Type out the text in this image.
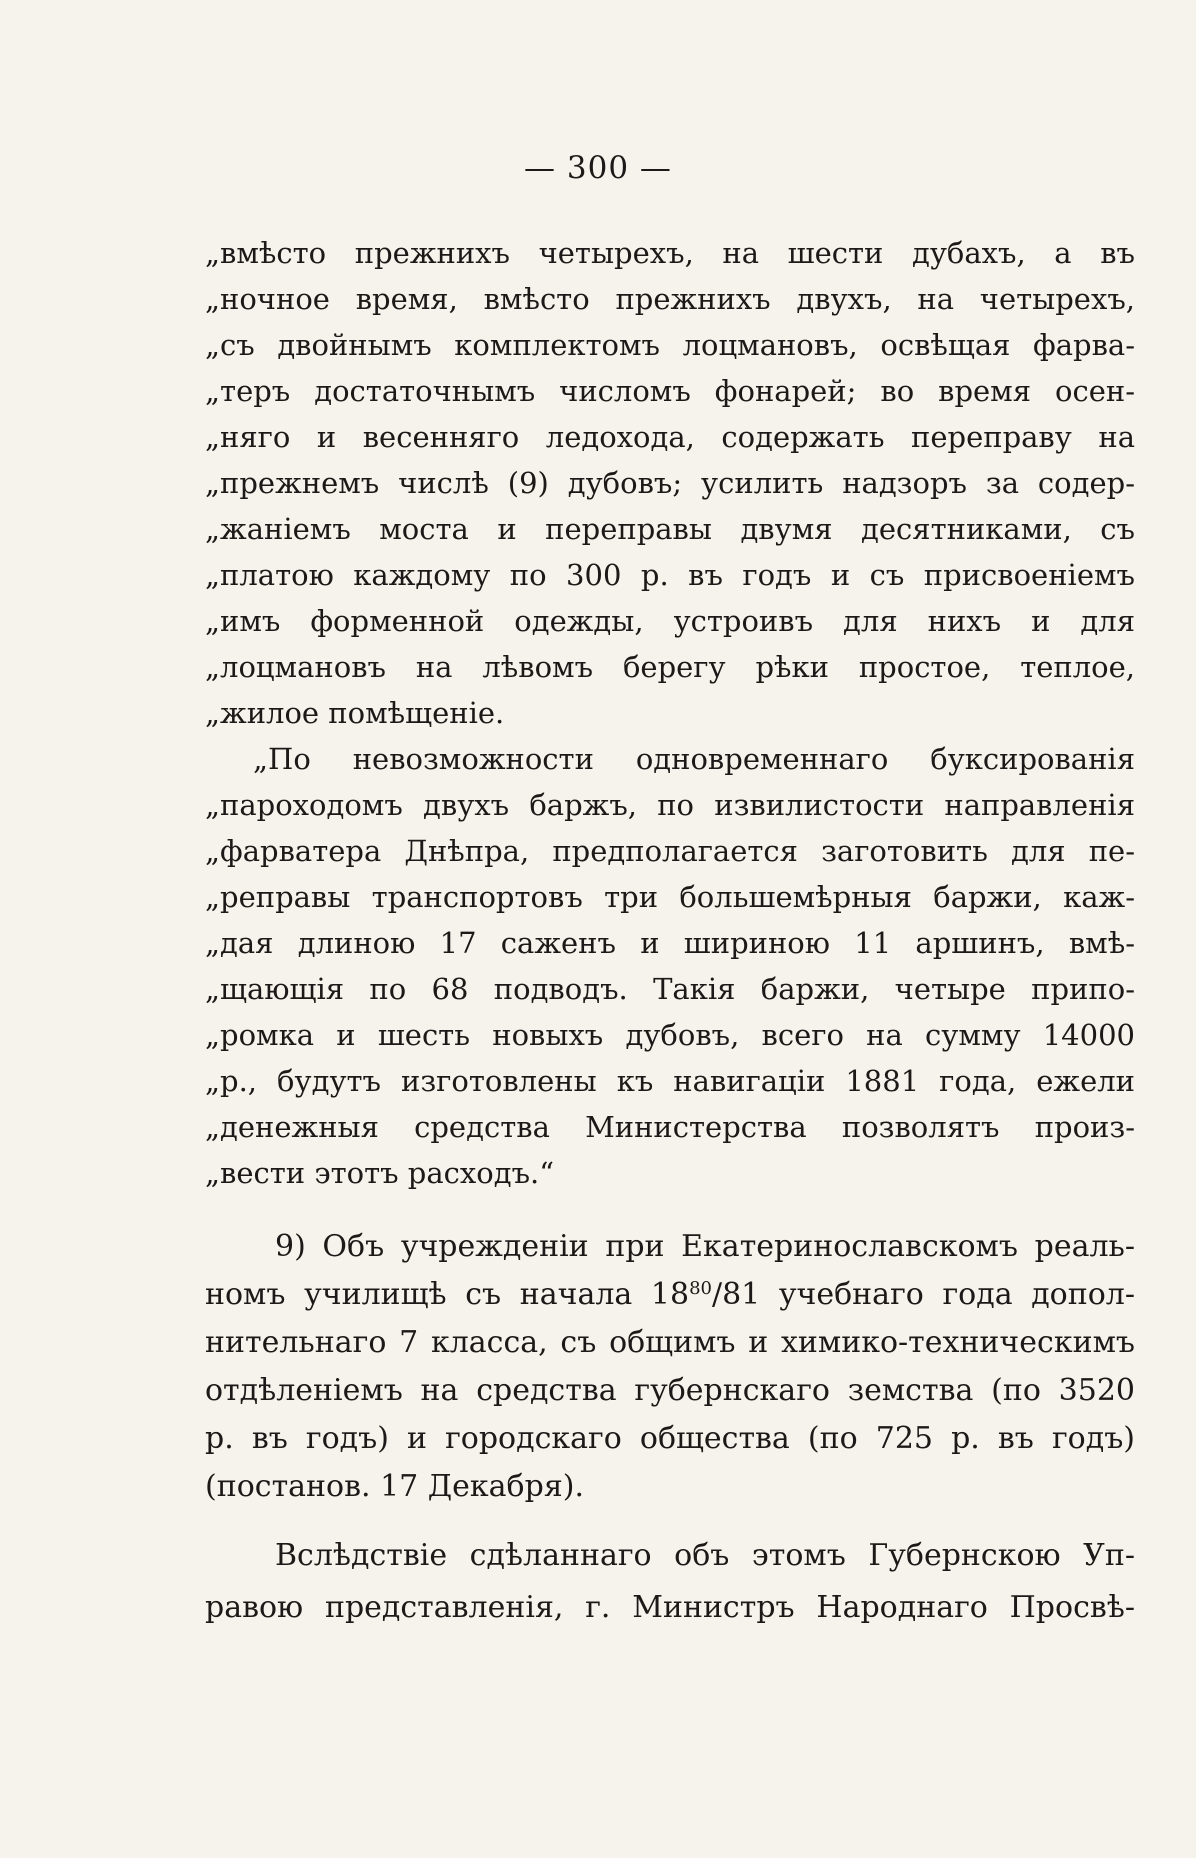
— 300 —
„вмѣсто прежнихъ четырехъ, на шести дубахъ, а въ
„ночное время, вмѣсто прежнихъ двухъ, на четырехъ,
„съ двойнымъ комплектомъ лоцмановъ, освѣщая фарва-
„теръ достаточнымъ числомъ фонарей; во время осен-
„няго и весенняго ледохода, содержать переправу на
„прежнемъ числѣ (9) дубовъ; усилить надзоръ за содер-
„жаніемъ моста и переправы двумя десятниками, съ
„платою каждому по 300 р. въ годъ и съ присвоеніемъ
„имъ форменной одежды, устроивъ для нихъ и для
„лоцмановъ на лѣвомъ берегу рѣки простое, теплое,
„жилое помѣщеніе.
„По невозможности одновременнаго буксированія
„пароходомъ двухъ баржъ, по извилистости направленія
„фарватера Днѣпра, предполагается заготовить для пе-
„реправы транспортовъ три большемѣрныя баржи, каж-
„дая длиною 17 саженъ и шириною 11 аршинъ, вмѣ-
„щающія по 68 подводъ. Такія баржи, четыре припо-
„ромка и шесть новыхъ дубовъ, всего на сумму 14000
„р., будутъ изготовлены къ навигаціи 1881 года, ежели
„денежныя средства Министерства позволятъ произ-
„вести этотъ расходъ.“
9) Объ учрежденіи при Екатеринославскомъ реаль-
номъ училищѣ съ начала $18^{80}/81$ учебнаго года допол-
нительнаго 7 класса, съ общимъ и химико-техническимъ
отдѣленіемъ на средства губернскаго земства (по 3520
р. въ годъ) и городскаго общества (по 725 р. въ годъ)
(постанов. 17 Декабря).
Вслѣдствіе сдѣланнаго объ этомъ Губернскою Уп-
равою представленія, г. Министръ Народнаго Просвѣ-
